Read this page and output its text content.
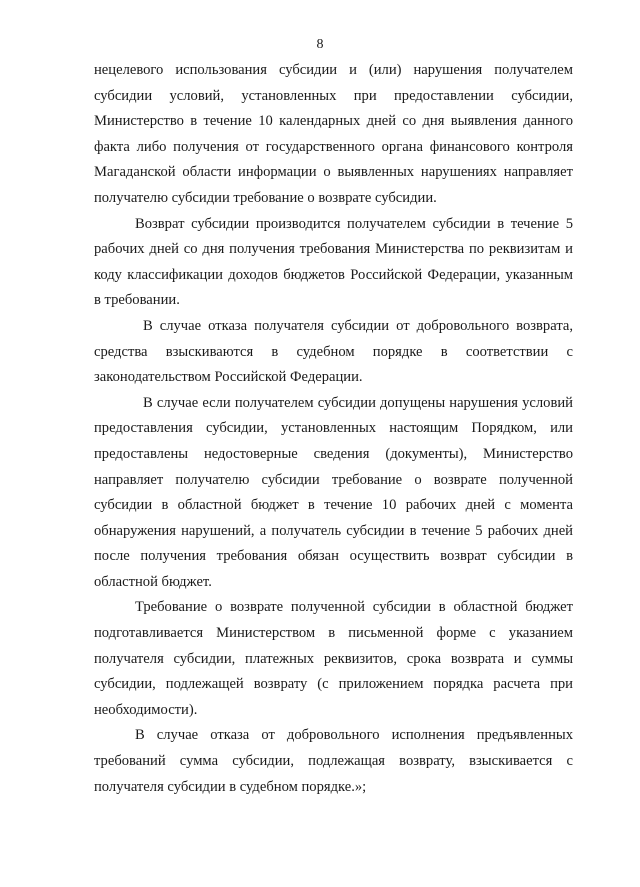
8

нецелевого использования субсидии и (или) нарушения получателем субсидии условий, установленных при предоставлении субсидии, Министерство в течение 10 календарных дней со дня выявления данного факта либо получения от государственного органа финансового контроля Магаданской области информации о выявленных нарушениях направляет получателю субсидии требование о возврате субсидии.

Возврат субсидии производится получателем субсидии в течение 5 рабочих дней со дня получения требования Министерства по реквизитам и коду классификации доходов бюджетов Российской Федерации, указанным в требовании.

В случае отказа получателя субсидии от добровольного возврата, средства взыскиваются в судебном порядке в соответствии с законодательством Российской Федерации.

В случае если получателем субсидии допущены нарушения условий предоставления субсидии, установленных настоящим Порядком, или предоставлены недостоверные сведения (документы), Министерство направляет получателю субсидии требование о возврате полученной субсидии в областной бюджет в течение 10 рабочих дней с момента обнаружения нарушений, а получатель субсидии в течение 5 рабочих дней после получения требования обязан осуществить возврат субсидии в областной бюджет.

Требование о возврате полученной субсидии в областной бюджет подготавливается Министерством в письменной форме с указанием получателя субсидии, платежных реквизитов, срока возврата и суммы субсидии, подлежащей возврату (с приложением порядка расчета при необходимости).

В случае отказа от добровольного исполнения предъявленных требований сумма субсидии, подлежащая возврату, взыскивается с получателя субсидии в судебном порядке.»;
